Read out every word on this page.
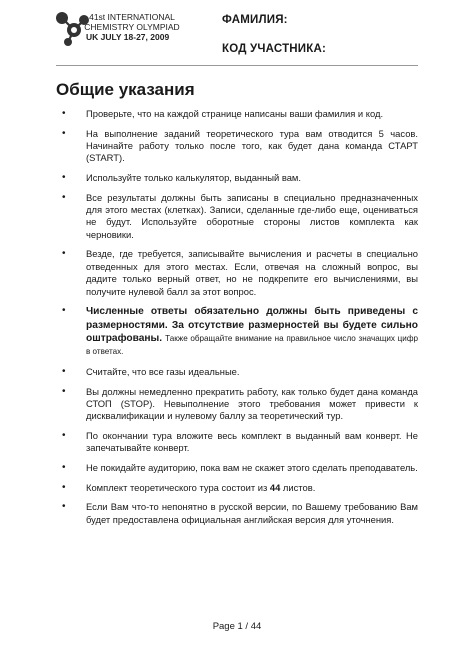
41st INTERNATIONAL
CHEMISTRY OLYMPIAD
UK JULY 18-27, 2009
ФАМИЛИЯ:
КОД УЧАСТНИКА:
Общие указания
• Проверьте, что на каждой странице написаны ваши фамилия и код.
• На выполнение заданий теоретического тура вам отводится 5 часов. Начинайте работу только после того, как будет дана команда СТАРТ (START).
• Используйте только калькулятор, выданный вам.
• Все результаты должны быть записаны в специально предназначенных для этого местах (клетках). Записи, сделанные где-либо еще, оцениваться не будут. Используйте оборотные стороны листов комплекта как черновики.
• Везде, где требуется, записывайте вычисления и расчеты в специально отведенных для этого местах. Если, отвечая на сложный вопрос, вы дадите только верный ответ, но не подкрепите его вычислениями, вы получите нулевой балл за этот вопрос.
• Численные ответы обязательно должны быть приведены с размерностями. За отсутствие размерностей вы будете сильно оштрафованы. Также обращайте внимание на правильное число значащих цифр в ответах.
• Считайте, что все газы идеальные.
• Вы должны немедленно прекратить работу, как только будет дана команда СТОП (STOP). Невыполнение этого требования может привести к дисквалификации и нулевому баллу за теоретический тур.
• По окончании тура вложите весь комплект в выданный вам конверт. Не запечатывайте конверт.
• Не покидайте аудиторию, пока вам не скажет этого сделать преподаватель.
• Комплект теоретического тура состоит из 44 листов.
• Если Вам что-то непонятно в русской версии, по Вашему требованию Вам будет предоставлена официальная английская версия для уточнения.
Page 1 / 44
